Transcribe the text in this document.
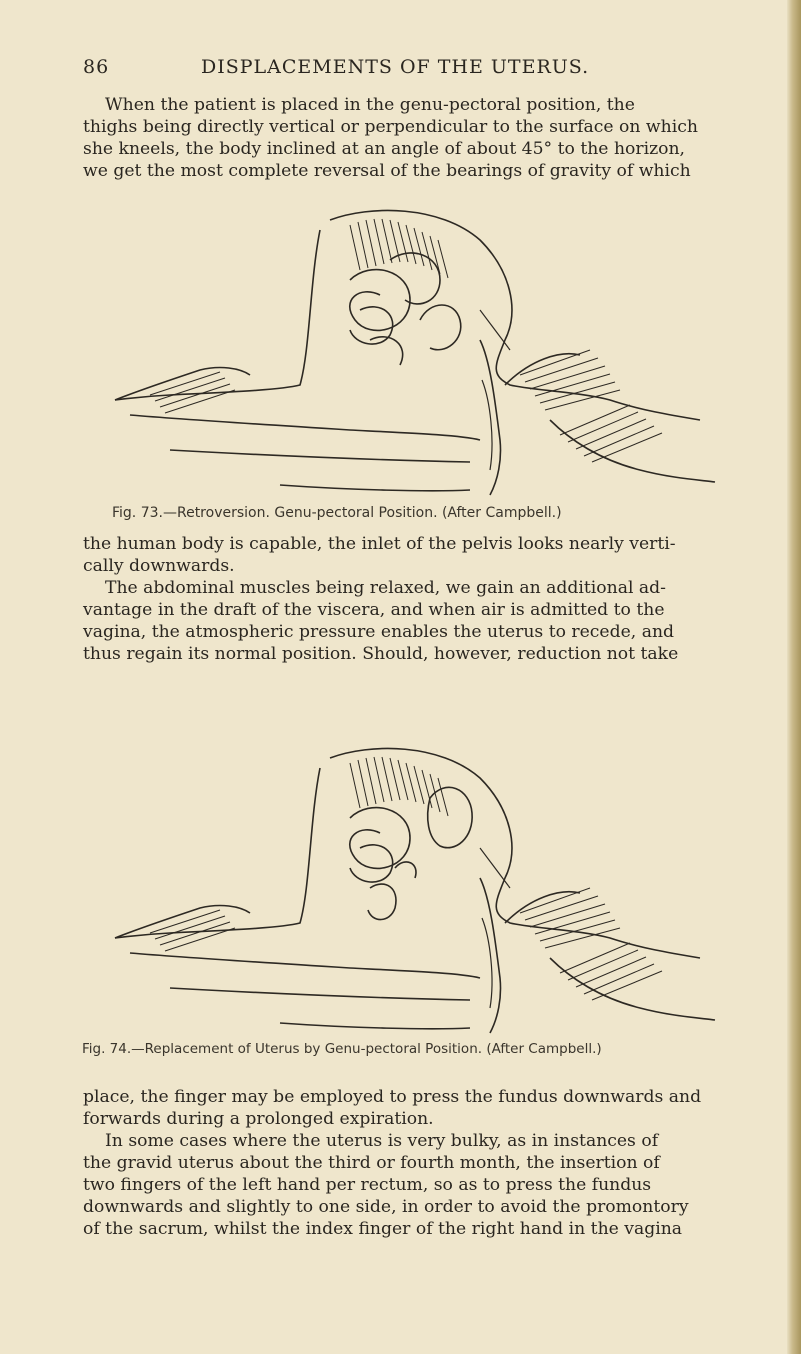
86	DISPLACEMENTS OF THE UTERUS.
When the patient is placed in the genu-pectoral position, the
thighs being directly vertical or perpendicular to the surface on which
she kneels, the body inclined at an angle of about 45° to the horizon,
we get the most complete reversal of the bearings of gravity of which
Fig. 73.—Retroversion. Genu-pectoral Position. (After Campbell.)
the human body is capable, the inlet of the pelvis looks nearly verti-
cally downwards.
The abdominal muscles being relaxed, we gain an additional ad-
vantage in the draft of the viscera, and when air is admitted to the
vagina, the atmospheric pressure enables the uterus to recede, and
thus regain its normal position. Should, however, reduction not take
Fig. 74.—Replacement of Uterus by Genu-pectoral Position. (After Campbell.)
place, the finger may be employed to press the fundus downwards and
forwards during a prolonged expiration.
In some cases where the uterus is very bulky, as in instances of
the gravid uterus about the third or fourth month, the insertion of
two fingers of the left hand per rectum, so as to press the fundus
downwards and slightly to one side, in order to avoid the promontory
of the sacrum, whilst the index finger of the right hand in the vagina
